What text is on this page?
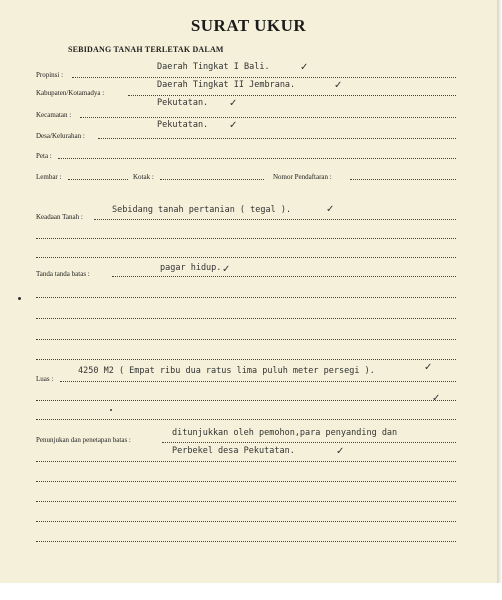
SURAT UKUR
SEBIDANG TANAH TERLETAK DALAM
Propinsi :
Daerah Tingkat I Bali.	✓
Kabupaten/Kotamadya :
Daerah Tingkat II Jembrana.	✓
Kecamatan :
Pekutatan. ✓
Desa/Kelurahan :
Pekutatan. ✓
Peta :
Lembar :	Kotak :	Nomor Pendaftaran :
Keadaan Tanah :
Sebidang tanah pertanian ( tegal ).	✓
Tanda tanda batas :
pagar hidup. ✓
Luas :
4250 M2 ( Empat ribu dua ratus lima puluh meter persegi ).	✓
✓
Penunjukan dan penetapan batas :
ditunjukkan oleh pemohon,para penyanding dan
Perbekel desa Pekutatan.	✓
